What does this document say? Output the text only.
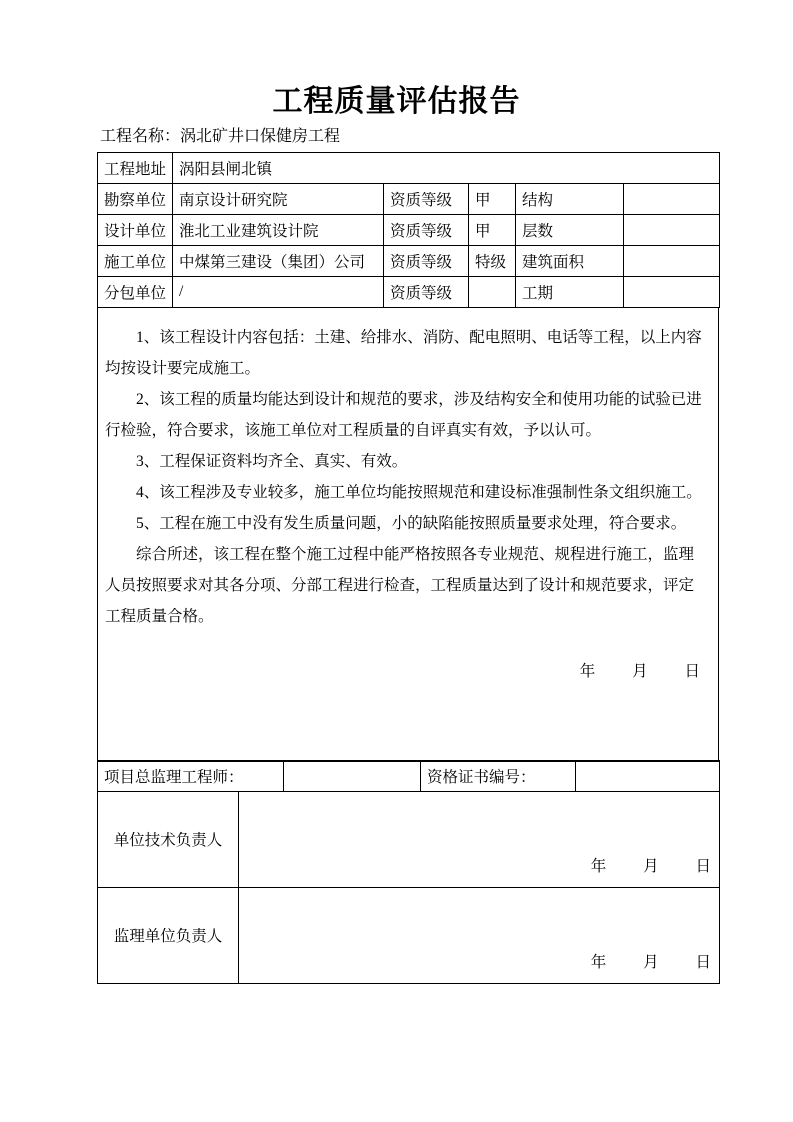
工程质量评估报告
工程名称：涡北矿井口保健房工程
工程地址	涡阳县闸北镇				
勘察单位	南京设计研究院	资质等级	甲	结构	
设计单位	淮北工业建筑设计院	资质等级	甲	层数	
施工单位	中煤第三建设（集团）公司	资质等级	特级	建筑面积	
分包单位	/	资质等级		工期	

1、该工程设计内容包括：土建、给排水、消防、配电照明、电话等工程，以上内容均按设计要完成施工。

2、该工程的质量均能达到设计和规范的要求，涉及结构安全和使用功能的试验已进行检验，符合要求，该施工单位对工程质量的自评真实有效，予以认可。

3、工程保证资料均齐全、真实、有效。

4、该工程涉及专业较多，施工单位均能按照规范和建设标准强制性条文组织施工。

5、工程在施工中没有发生质量问题，小的缺陷能按照质量要求处理，符合要求。

综合所述，该工程在整个施工过程中能严格按照各专业规范、规程进行施工，监理人员按照要求对其各分项、分部工程进行检查，工程质量达到了设计和规范要求，评定工程质量合格。

年 月 日
项目总监理工程师：		资格证书编号：	
单位技术负责人	年 月 日

监理单位负责人	年 月 日
